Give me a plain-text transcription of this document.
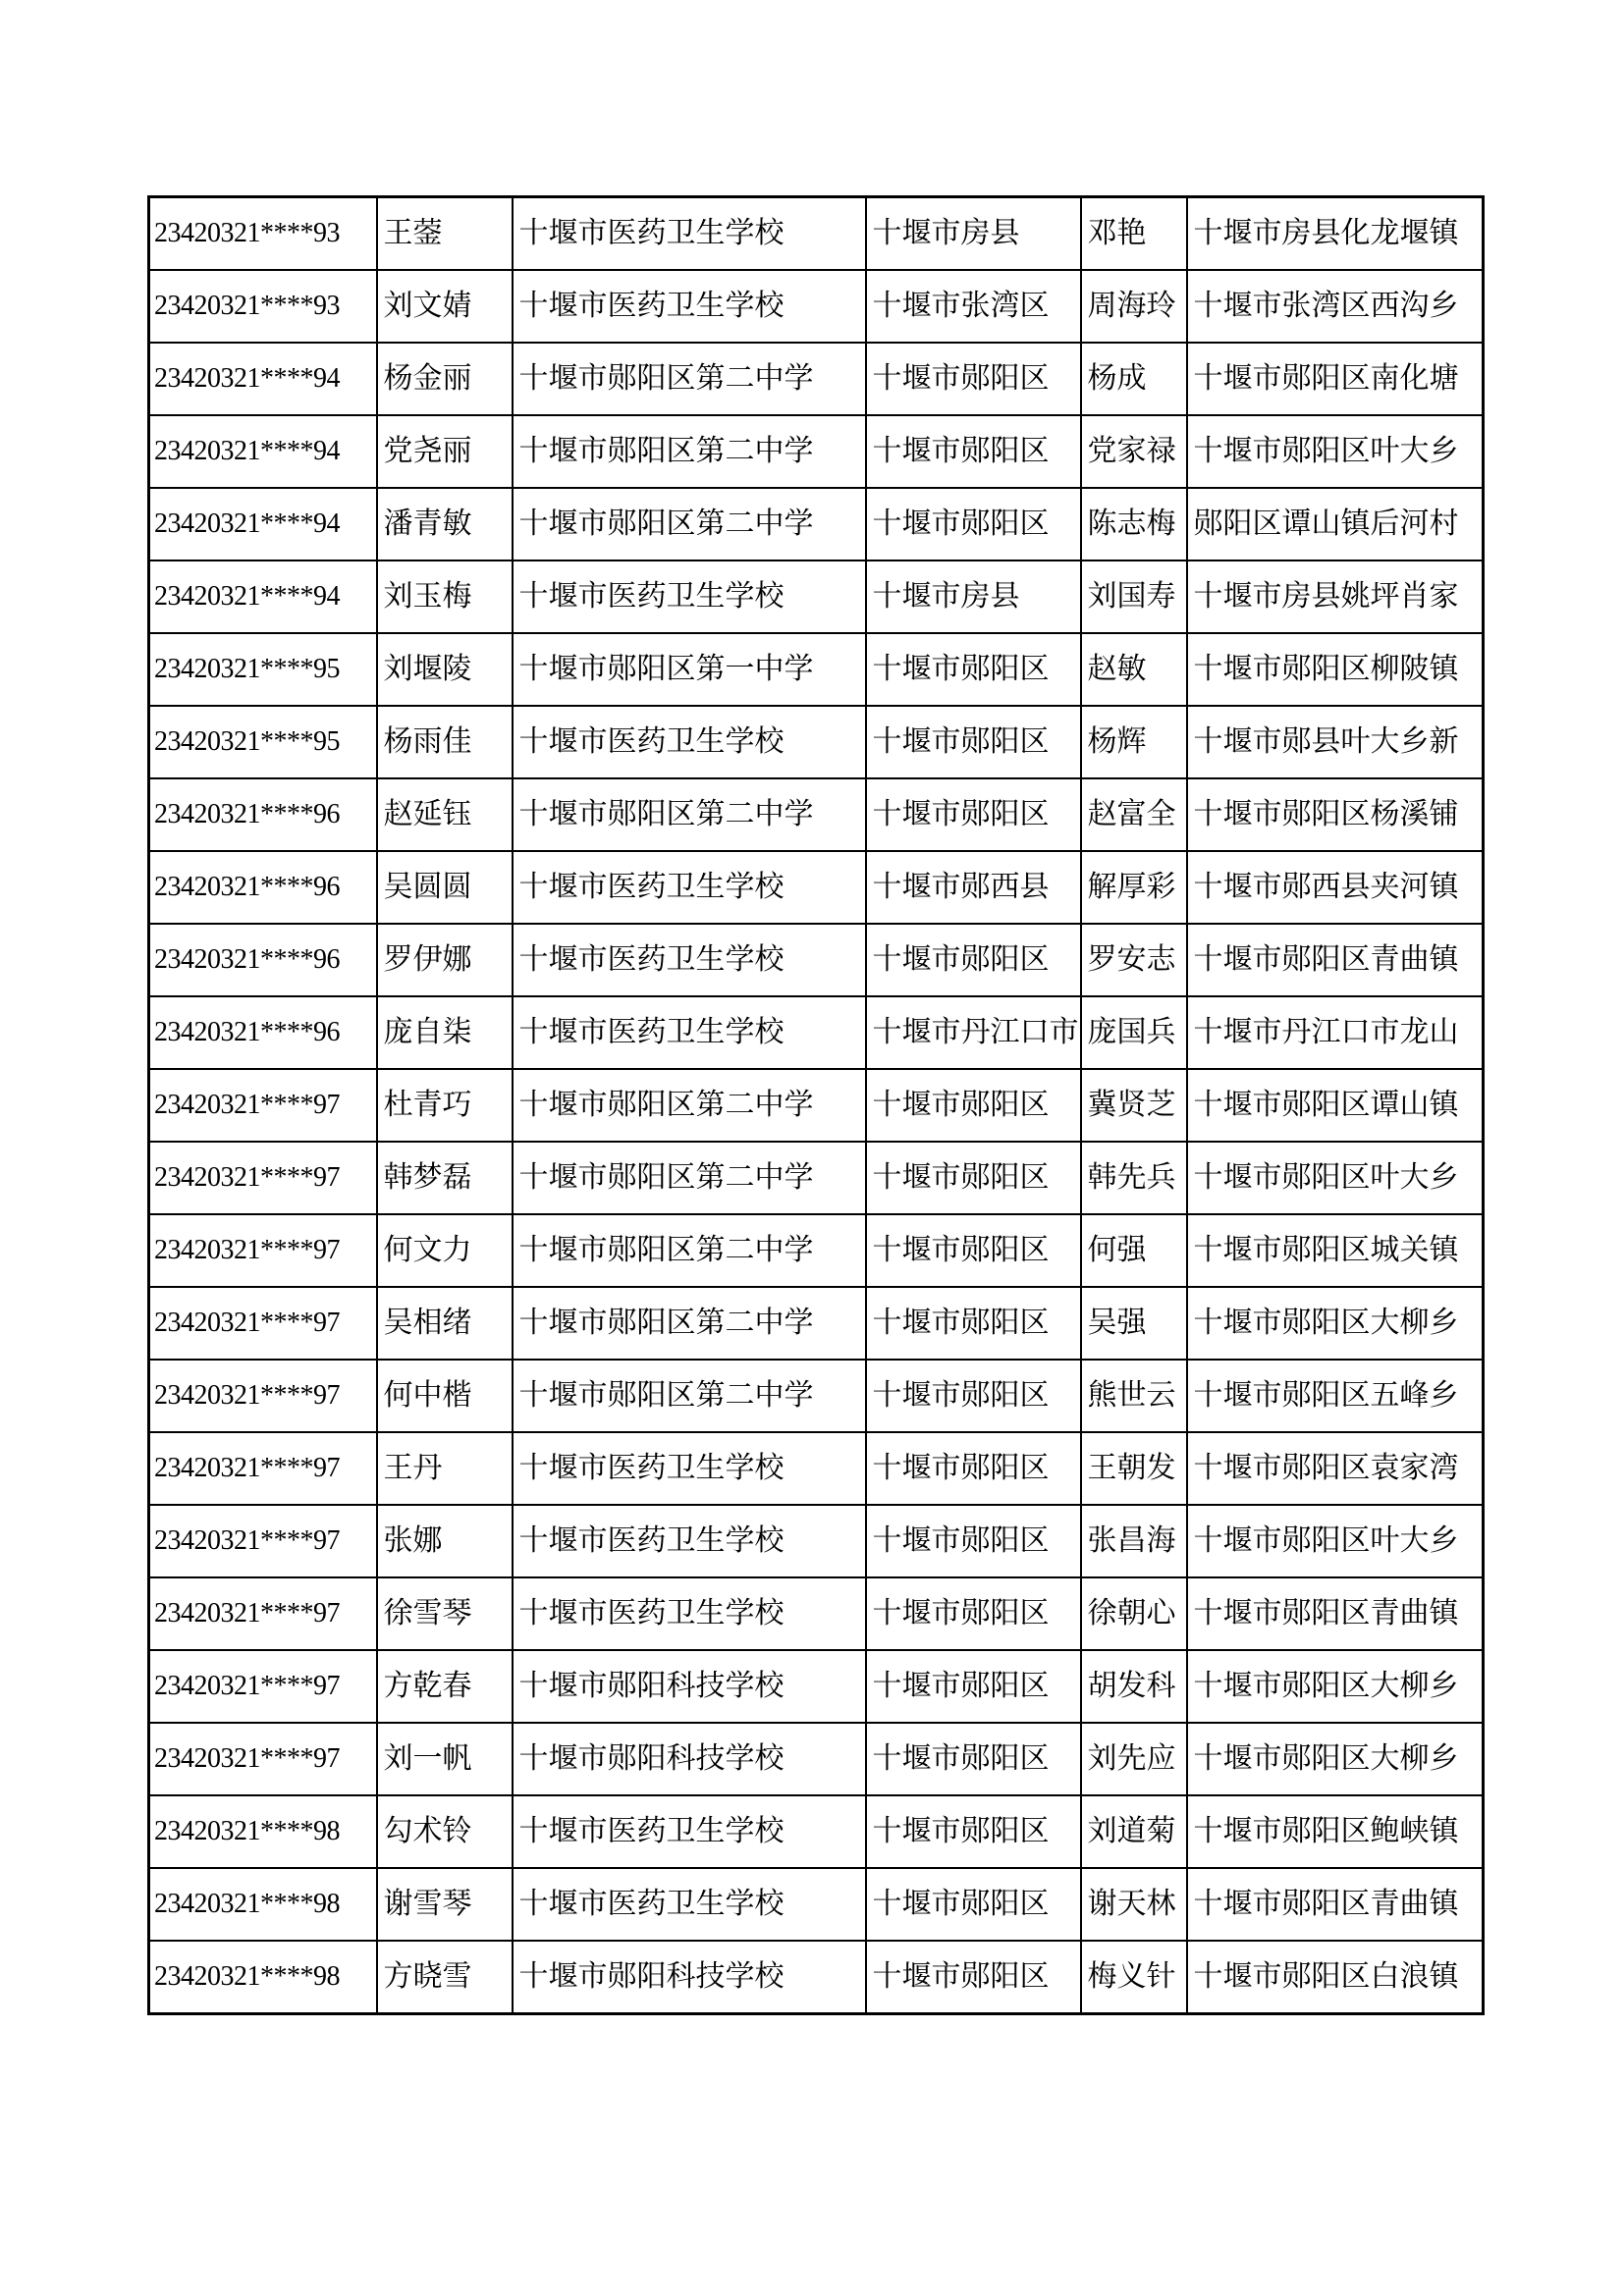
23420321****93	王蓥	十堰市医药卫生学校	十堰市房县	邓艳	十堰市房县化龙堰镇
23420321****93	刘文婧	十堰市医药卫生学校	十堰市张湾区	周海玲	十堰市张湾区西沟乡
23420321****94	杨金丽	十堰市郧阳区第二中学	十堰市郧阳区	杨成	十堰市郧阳区南化塘
23420321****94	党尧丽	十堰市郧阳区第二中学	十堰市郧阳区	党家禄	十堰市郧阳区叶大乡
23420321****94	潘青敏	十堰市郧阳区第二中学	十堰市郧阳区	陈志梅	郧阳区谭山镇后河村
23420321****94	刘玉梅	十堰市医药卫生学校	十堰市房县	刘国寿	十堰市房县姚坪肖家
23420321****95	刘堰陵	十堰市郧阳区第一中学	十堰市郧阳区	赵敏	十堰市郧阳区柳陂镇
23420321****95	杨雨佳	十堰市医药卫生学校	十堰市郧阳区	杨辉	十堰市郧县叶大乡新
23420321****96	赵延钰	十堰市郧阳区第二中学	十堰市郧阳区	赵富全	十堰市郧阳区杨溪铺
23420321****96	吴圆圆	十堰市医药卫生学校	十堰市郧西县	解厚彩	十堰市郧西县夹河镇
23420321****96	罗伊娜	十堰市医药卫生学校	十堰市郧阳区	罗安志	十堰市郧阳区青曲镇
23420321****96	庞自柒	十堰市医药卫生学校	十堰市丹江口市	庞国兵	十堰市丹江口市龙山
23420321****97	杜青巧	十堰市郧阳区第二中学	十堰市郧阳区	冀贤芝	十堰市郧阳区谭山镇
23420321****97	韩梦磊	十堰市郧阳区第二中学	十堰市郧阳区	韩先兵	十堰市郧阳区叶大乡
23420321****97	何文力	十堰市郧阳区第二中学	十堰市郧阳区	何强	十堰市郧阳区城关镇
23420321****97	吴相绪	十堰市郧阳区第二中学	十堰市郧阳区	吴强	十堰市郧阳区大柳乡
23420321****97	何中楷	十堰市郧阳区第二中学	十堰市郧阳区	熊世云	十堰市郧阳区五峰乡
23420321****97	王丹	十堰市医药卫生学校	十堰市郧阳区	王朝发	十堰市郧阳区袁家湾
23420321****97	张娜	十堰市医药卫生学校	十堰市郧阳区	张昌海	十堰市郧阳区叶大乡
23420321****97	徐雪琴	十堰市医药卫生学校	十堰市郧阳区	徐朝心	十堰市郧阳区青曲镇
23420321****97	方乾春	十堰市郧阳科技学校	十堰市郧阳区	胡发科	十堰市郧阳区大柳乡
23420321****97	刘一帆	十堰市郧阳科技学校	十堰市郧阳区	刘先应	十堰市郧阳区大柳乡
23420321****98	勾术铃	十堰市医药卫生学校	十堰市郧阳区	刘道菊	十堰市郧阳区鲍峡镇
23420321****98	谢雪琴	十堰市医药卫生学校	十堰市郧阳区	谢天林	十堰市郧阳区青曲镇
23420321****98	方晓雪	十堰市郧阳科技学校	十堰市郧阳区	梅义针	十堰市郧阳区白浪镇
